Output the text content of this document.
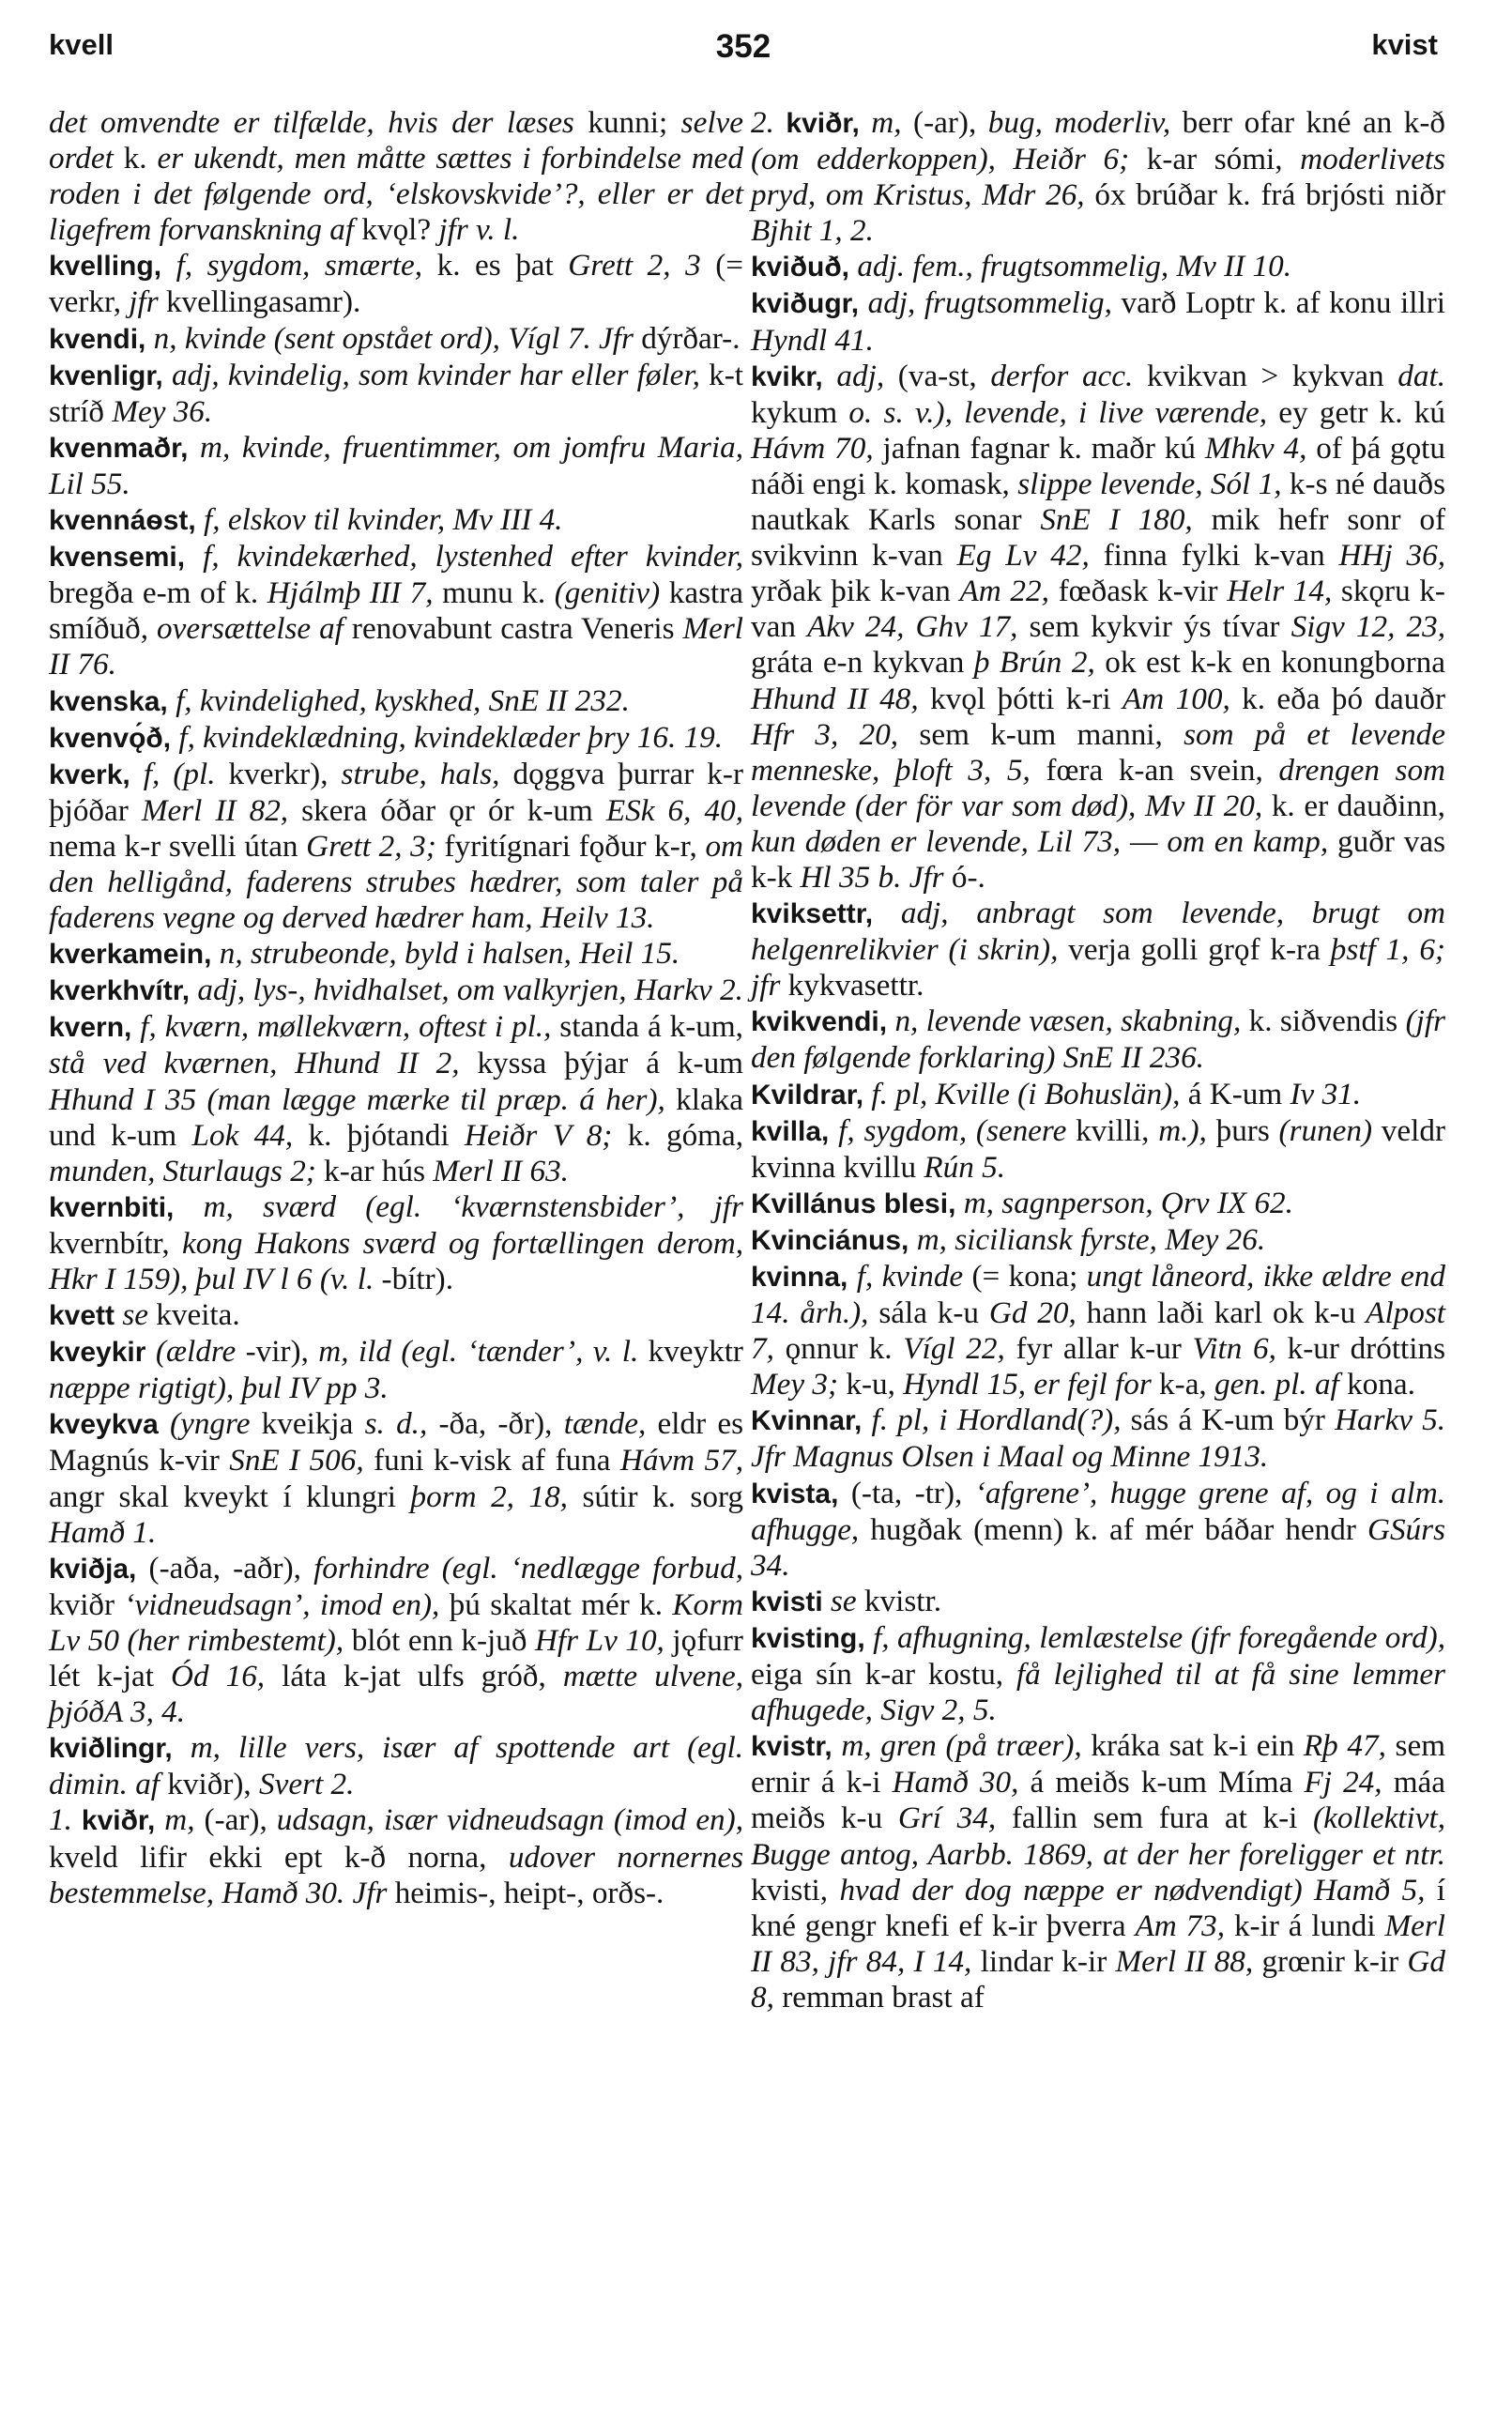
352
kvell	kvist
det omvendte er tilfælde, hvis der læses kunni; selve ordet k. er ukendt, men måtte sættes i forbindelse med roden i det følgende ord, ‘elskovskvide’?, eller er det ligefrem forvanskning af kvǫl? jfr v. l.
kvelling, f, sygdom, smærte, k. es þat Grett 2, 3 (= verkr, jfr kvellingasamr).
kvendi, n, kvinde (sent opstået ord), Vígl 7. Jfr dýrðar-.
kvenligr, adj, kvindelig, som kvinder har eller føler, k-t stríð Mey 36.
kvenmaðr, m, kvinde, fruentimmer, om jomfru Maria, Lil 55.
kvennáѳst, f, elskov til kvinder, Mv III 4.
kvensemi, f, kvindekærhed, lystenhed efter kvinder, bregða e-m of k. Hjálmþ III 7, munu k. (genitiv) kastra smíðuð, oversættelse af renovabunt castra Veneris Merl II 76.
kvenska, f, kvindelighed, kyskhed, SnE II 232.
kvenvǫ́ð, f, kvindeklædning, kvindeklæder þry 16. 19.
kverk, f, (pl. kverkr), strube, hals, dǫggva þurrar k-r þjóðar Merl II 82, skera óðar ǫr ór k-um ESk 6, 40, nema k-r svelli útan Grett 2, 3; fyritígnari fǫður k-r, om den helligånd, faderens strubes hædrer, som taler på faderens vegne og derved hædrer ham, Heilv 13.
kverkamein, n, strubeonde, byld i halsen, Heil 15.
kverkhvítr, adj, lys-, hvidhalset, om valkyrjen, Harkv 2.
kvern, f, kværn, møllekværn, oftest i pl., standa á k-um, stå ved kværnen, Hhund II 2, kyssa þýjar á k-um Hhund I 35 (man lægge mærke til præp. á her), klaka und k-um Lok 44, k. þjótandi Heiðr V 8; k. góma, munden, Sturlaugs 2; k-ar hús Merl II 63.
kvernbiti, m, sværd (egl. ‘kværnstensbider’, jfr kvernbítr, kong Hakons sværd og fortællingen derom, Hkr I 159), þul IV l 6 (v. l. -bítr).
kvett se kveita.
kveykir (ældre -vir), m, ild (egl. ‘tænder’, v. l. kveyktr næppe rigtigt), þul IV pp 3.
kveykva (yngre kveikja s. d., -ða, -ðr), tænde, eldr es Magnús k-vir SnE I 506, funi k-visk af funa Hávm 57, angr skal kveykt í klungri þorm 2, 18, sútir k. sorg Hamð 1.
kviðja, (-aða, -aðr), forhindre (egl. ‘nedlægge forbud, kviðr ‘vidneudsagn’, imod en), þú skaltat mér k. Korm Lv 50 (her rimbestemt), blót enn k-juð Hfr Lv 10, jǫfurr lét k-jat Ód 16, láta k-jat ulfs gróð, mætte ulvene, þjóðA 3, 4.
kviðlingr, m, lille vers, især af spottende art (egl. dimin. af kviðr), Svert 2.
1. kviðr, m, (-ar), udsagn, især vidneudsagn (imod en), kveld lifir ekki ept k-ð norna, udover nornernes bestemmelse, Hamð 30. Jfr heimis-, heipt-, orðs-.
2. kviðr, m, (-ar), bug, moderliv, berr ofar kné an k-ð (om edderkoppen), Heiðr 6; k-ar sómi, moderlivets pryd, om Kristus, Mdr 26, óx brúðar k. frá brjósti niðr Bjhit 1, 2.
kviðuð, adj. fem., frugtsommelig, Mv II 10.
kviðugr, adj, frugtsommelig, varð Loptr k. af konu illri Hyndl 41.
kvikr, adj, (va-st, derfor acc. kvikvan > kykvan dat. kykum o. s. v.), levende, i live værende, ey getr k. kú Hávm 70, jafnan fagnar k. maðr kú Mhkv 4, of þá gǫtu náði engi k. komask, slippe levende, Sól 1, k-s né dauðs nautkak Karls sonar SnE I 180, mik hefr sonr of svikvinn k-van Eg Lv 42, finna fylki k-van HHj 36, yrðak þik k-van Am 22, fœðask k-vir Helr 14, skǫru k-van Akv 24, Ghv 17, sem kykvir ýs tívar Sigv 12, 23, gráta e-n kykvan þ Brún 2, ok est k-k en konungborna Hhund II 48, kvǫl þótti k-ri Am 100, k. eða þó dauðr Hfr 3, 20, sem k-um manni, som på et levende menneske, þloft 3, 5, fœra k-an svein, drengen som levende (der för var som død), Mv II 20, k. er dauðinn, kun døden er levende, Lil 73, — om en kamp, guðr vas k-k Hl 35 b. Jfr ó-.
kviksettr, adj, anbragt som levende, brugt om helgenrelikvier (i skrin), verja golli grǫf k-ra þstf 1, 6; jfr kykvasettr.
kvikvendi, n, levende væsen, skabning, k. siðvendis (jfr den følgende forklaring) SnE II 236.
Kvildrar, f. pl, Kville (i Bohuslän), á K-um Iv 31.
kvilla, f, sygdom, (senere kvilli, m.), þurs (runen) veldr kvinna kvillu Rún 5.
Kvillánus blesi, m, sagnperson, Ǫrv IX 62.
Kvinciánus, m, siciliansk fyrste, Mey 26.
kvinna, f, kvinde (= kona; ungt låneord, ikke ældre end 14. årh.), sála k-u Gd 20, hann laði karl ok k-u Alpost 7, ǫnnur k. Vígl 22, fyr allar k-ur Vitn 6, k-ur dróttins Mey 3; k-u, Hyndl 15, er fejl for k-a, gen. pl. af kona.
Kvinnar, f. pl, i Hordland(?), sás á K-um býr Harkv 5. Jfr Magnus Olsen i Maal og Minne 1913.
kvista, (-ta, -tr), ‘afgrene’, hugge grene af, og i alm. afhugge, hugðak (menn) k. af mér báðar hendr GSúrs 34.
kvisti se kvistr.
kvisting, f, afhugning, lemlæstelse (jfr foregående ord), eiga sín k-ar kostu, få lejlighed til at få sine lemmer afhugede, Sigv 2, 5.
kvistr, m, gren (på træer), kráka sat k-i ein Rþ 47, sem ernir á k-i Hamð 30, á meiðs k-um Míma Fj 24, máa meiðs k-u Grí 34, fallin sem fura at k-i (kollektivt, Bugge antog, Aarbb. 1869, at der her foreligger et ntr. kvisti, hvad der dog næppe er nødvendigt) Hamð 5, í kné gengr knefi ef k-ir þverra Am 73, k-ir á lundi Merl II 83, jfr 84, I 14, lindar k-ir Merl II 88, grœnir k-ir Gd 8, remman brast af
